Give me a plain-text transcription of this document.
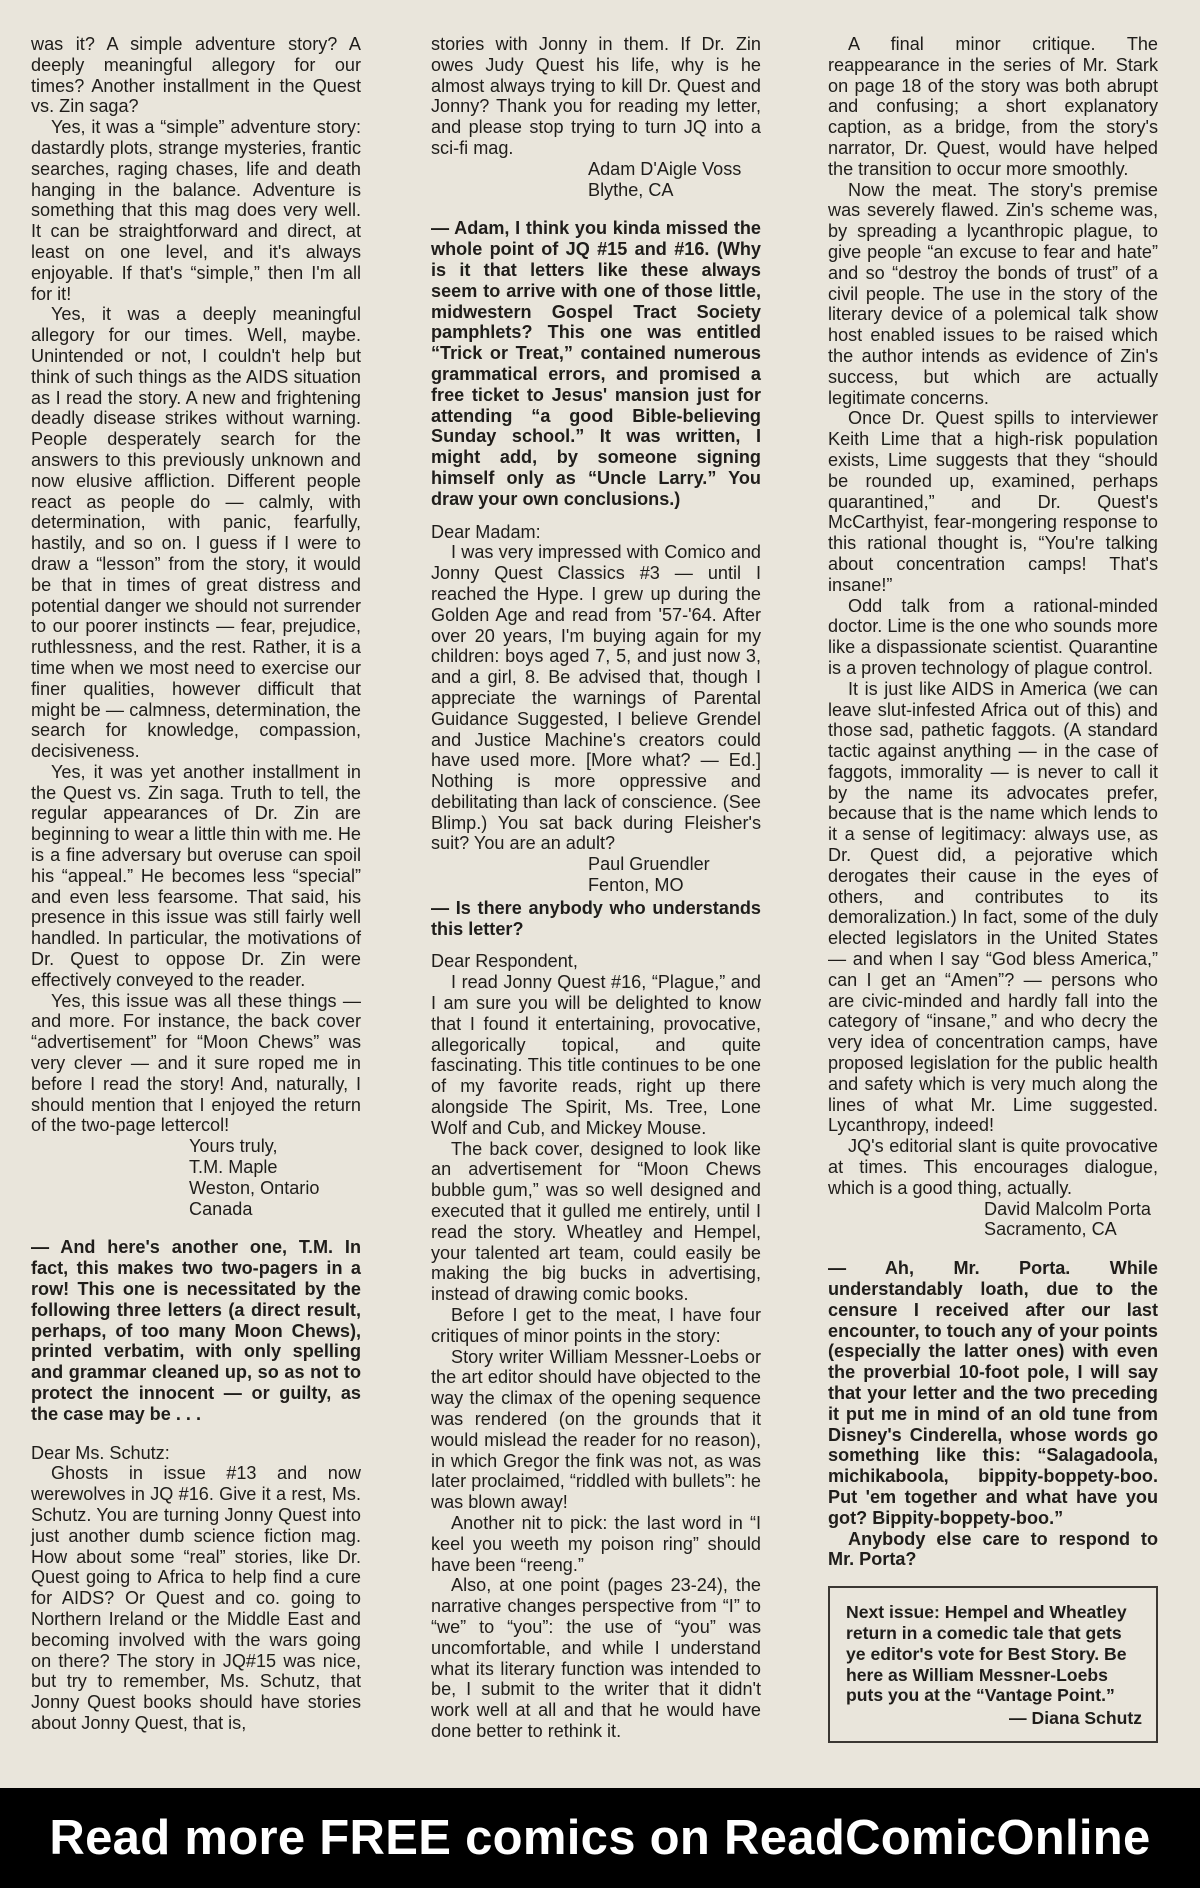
was it? A simple adventure story? A deeply meaningful allegory for our times? Another installment in the Quest vs. Zin saga?

Yes, it was a “simple” adventure story: dastardly plots, strange mysteries, frantic searches, raging chases, life and death hanging in the balance. Adventure is something that this mag does very well. It can be straightforward and direct, at least on one level, and it's always enjoyable. If that's “simple,” then I'm all for it!

Yes, it was a deeply meaningful allegory for our times. Well, maybe. Unintended or not, I couldn't help but think of such things as the AIDS situation as I read the story. A new and frightening deadly disease strikes without warning. People desperately search for the answers to this previously unknown and now elusive affliction. Different people react as people do — calmly, with determination, with panic, fearfully, hastily, and so on. I guess if I were to draw a “lesson” from the story, it would be that in times of great distress and potential danger we should not surrender to our poorer instincts — fear, prejudice, ruthlessness, and the rest. Rather, it is a time when we most need to exercise our finer qualities, however difficult that might be — calmness, determination, the search for knowledge, compassion, decisiveness.

Yes, it was yet another installment in the Quest vs. Zin saga. Truth to tell, the regular appearances of Dr. Zin are beginning to wear a little thin with me. He is a fine adversary but overuse can spoil his “appeal.” He becomes less “special” and even less fearsome. That said, his presence in this issue was still fairly well handled. In particular, the motivations of Dr. Quest to oppose Dr. Zin were effectively conveyed to the reader.

Yes, this issue was all these things — and more. For instance, the back cover “advertisement” for “Moon Chews” was very clever — and it sure roped me in before I read the story! And, naturally, I should mention that I enjoyed the return of the two-page lettercol!

Yours truly,
T.M. Maple
Weston, Ontario
Canada

— And here's another one, T.M. In fact, this makes two two-pagers in a row! This one is necessitated by the following three letters (a direct result, perhaps, of too many Moon Chews), printed verbatim, with only spelling and grammar cleaned up, so as not to protect the innocent — or guilty, as the case may be . . .

Dear Ms. Schutz:

Ghosts in issue #13 and now werewolves in JQ #16. Give it a rest, Ms. Schutz. You are turning Jonny Quest into just another dumb science fiction mag. How about some “real” stories, like Dr. Quest going to Africa to help find a cure for AIDS? Or Quest and co. going to Northern Ireland or the Middle East and becoming involved with the wars going on there? The story in JQ#15 was nice, but try to remember, Ms. Schutz, that Jonny Quest books should have stories about Jonny Quest, that is,

stories with Jonny in them. If Dr. Zin owes Judy Quest his life, why is he almost always trying to kill Dr. Quest and Jonny? Thank you for reading my letter, and please stop trying to turn JQ into a sci-fi mag.

Adam D'Aigle Voss
Blythe, CA

— Adam, I think you kinda missed the whole point of JQ #15 and #16. (Why is it that letters like these always seem to arrive with one of those little, midwestern Gospel Tract Society pamphlets? This one was entitled “Trick or Treat,” contained numerous grammatical errors, and promised a free ticket to Jesus' mansion just for attending “a good Bible-believing Sunday school.” It was written, I might add, by someone signing himself only as “Uncle Larry.” You draw your own conclusions.)

Dear Madam:

I was very impressed with Comico and Jonny Quest Classics #3 — until I reached the Hype. I grew up during the Golden Age and read from '57-'64. After over 20 years, I'm buying again for my children: boys aged 7, 5, and just now 3, and a girl, 8. Be advised that, though I appreciate the warnings of Parental Guidance Suggested, I believe Grendel and Justice Machine's creators could have used more. [More what? — Ed.] Nothing is more oppressive and debilitating than lack of conscience. (See Blimp.) You sat back during Fleisher's suit? You are an adult?

Paul Gruendler
Fenton, MO

— Is there anybody who understands this letter?

Dear Respondent,

I read Jonny Quest #16, “Plague,” and I am sure you will be delighted to know that I found it entertaining, provocative, allegorically topical, and quite fascinating. This title continues to be one of my favorite reads, right up there alongside The Spirit, Ms. Tree, Lone Wolf and Cub, and Mickey Mouse.

The back cover, designed to look like an advertisement for “Moon Chews bubble gum,” was so well designed and executed that it gulled me entirely, until I read the story. Wheatley and Hempel, your talented art team, could easily be making the big bucks in advertising, instead of drawing comic books.

Before I get to the meat, I have four critiques of minor points in the story:

Story writer William Messner-Loebs or the art editor should have objected to the way the climax of the opening sequence was rendered (on the grounds that it would mislead the reader for no reason), in which Gregor the fink was not, as was later proclaimed, “riddled with bullets”: he was blown away!

Another nit to pick: the last word in “I keel you weeth my poison ring” should have been “reeng.”

Also, at one point (pages 23-24), the narrative changes perspective from “I” to “we” to “you”: the use of “you” was uncomfortable, and while I understand what its literary function was intended to be, I submit to the writer that it didn't work well at all and that he would have done better to rethink it.

A final minor critique. The reappearance in the series of Mr. Stark on page 18 of the story was both abrupt and confusing; a short explanatory caption, as a bridge, from the story's narrator, Dr. Quest, would have helped the transition to occur more smoothly.

Now the meat. The story's premise was severely flawed. Zin's scheme was, by spreading a lycanthropic plague, to give people “an excuse to fear and hate” and so “destroy the bonds of trust” of a civil people. The use in the story of the literary device of a polemical talk show host enabled issues to be raised which the author intends as evidence of Zin's success, but which are actually legitimate concerns.

Once Dr. Quest spills to interviewer Keith Lime that a high-risk population exists, Lime suggests that they “should be rounded up, examined, perhaps quarantined,” and Dr. Quest's McCarthyist, fear-mongering response to this rational thought is, “You're talking about concentration camps! That's insane!”

Odd talk from a rational-minded doctor. Lime is the one who sounds more like a dispassionate scientist. Quarantine is a proven technology of plague control.

It is just like AIDS in America (we can leave slut-infested Africa out of this) and those sad, pathetic faggots. (A standard tactic against anything — in the case of faggots, immorality — is never to call it by the name its advocates prefer, because that is the name which lends to it a sense of legitimacy: always use, as Dr. Quest did, a pejorative which derogates their cause in the eyes of others, and contributes to its demoralization.) In fact, some of the duly elected legislators in the United States — and when I say “God bless America,” can I get an “Amen”? — persons who are civic-minded and hardly fall into the category of “insane,” and who decry the very idea of concentration camps, have proposed legislation for the public health and safety which is very much along the lines of what Mr. Lime suggested. Lycanthropy, indeed!

JQ's editorial slant is quite provocative at times. This encourages dialogue, which is a good thing, actually.

David Malcolm Porta
Sacramento, CA

— Ah, Mr. Porta. While understandably loath, due to the censure I received after our last encounter, to touch any of your points (especially the latter ones) with even the proverbial 10-foot pole, I will say that your letter and the two preceding it put me in mind of an old tune from Disney's Cinderella, whose words go something like this: “Salagadoola, michikaboola, bippity-boppety-boo. Put 'em together and what have you got? Bippity-boppety-boo.”

Anybody else care to respond to Mr. Porta?

Next issue: Hempel and Wheatley return in a comedic tale that gets ye editor's vote for Best Story. Be here as William Messner-Loebs puts you at the “Vantage Point.”
— Diana Schutz
Read more FREE comics on ReadComicOnline
